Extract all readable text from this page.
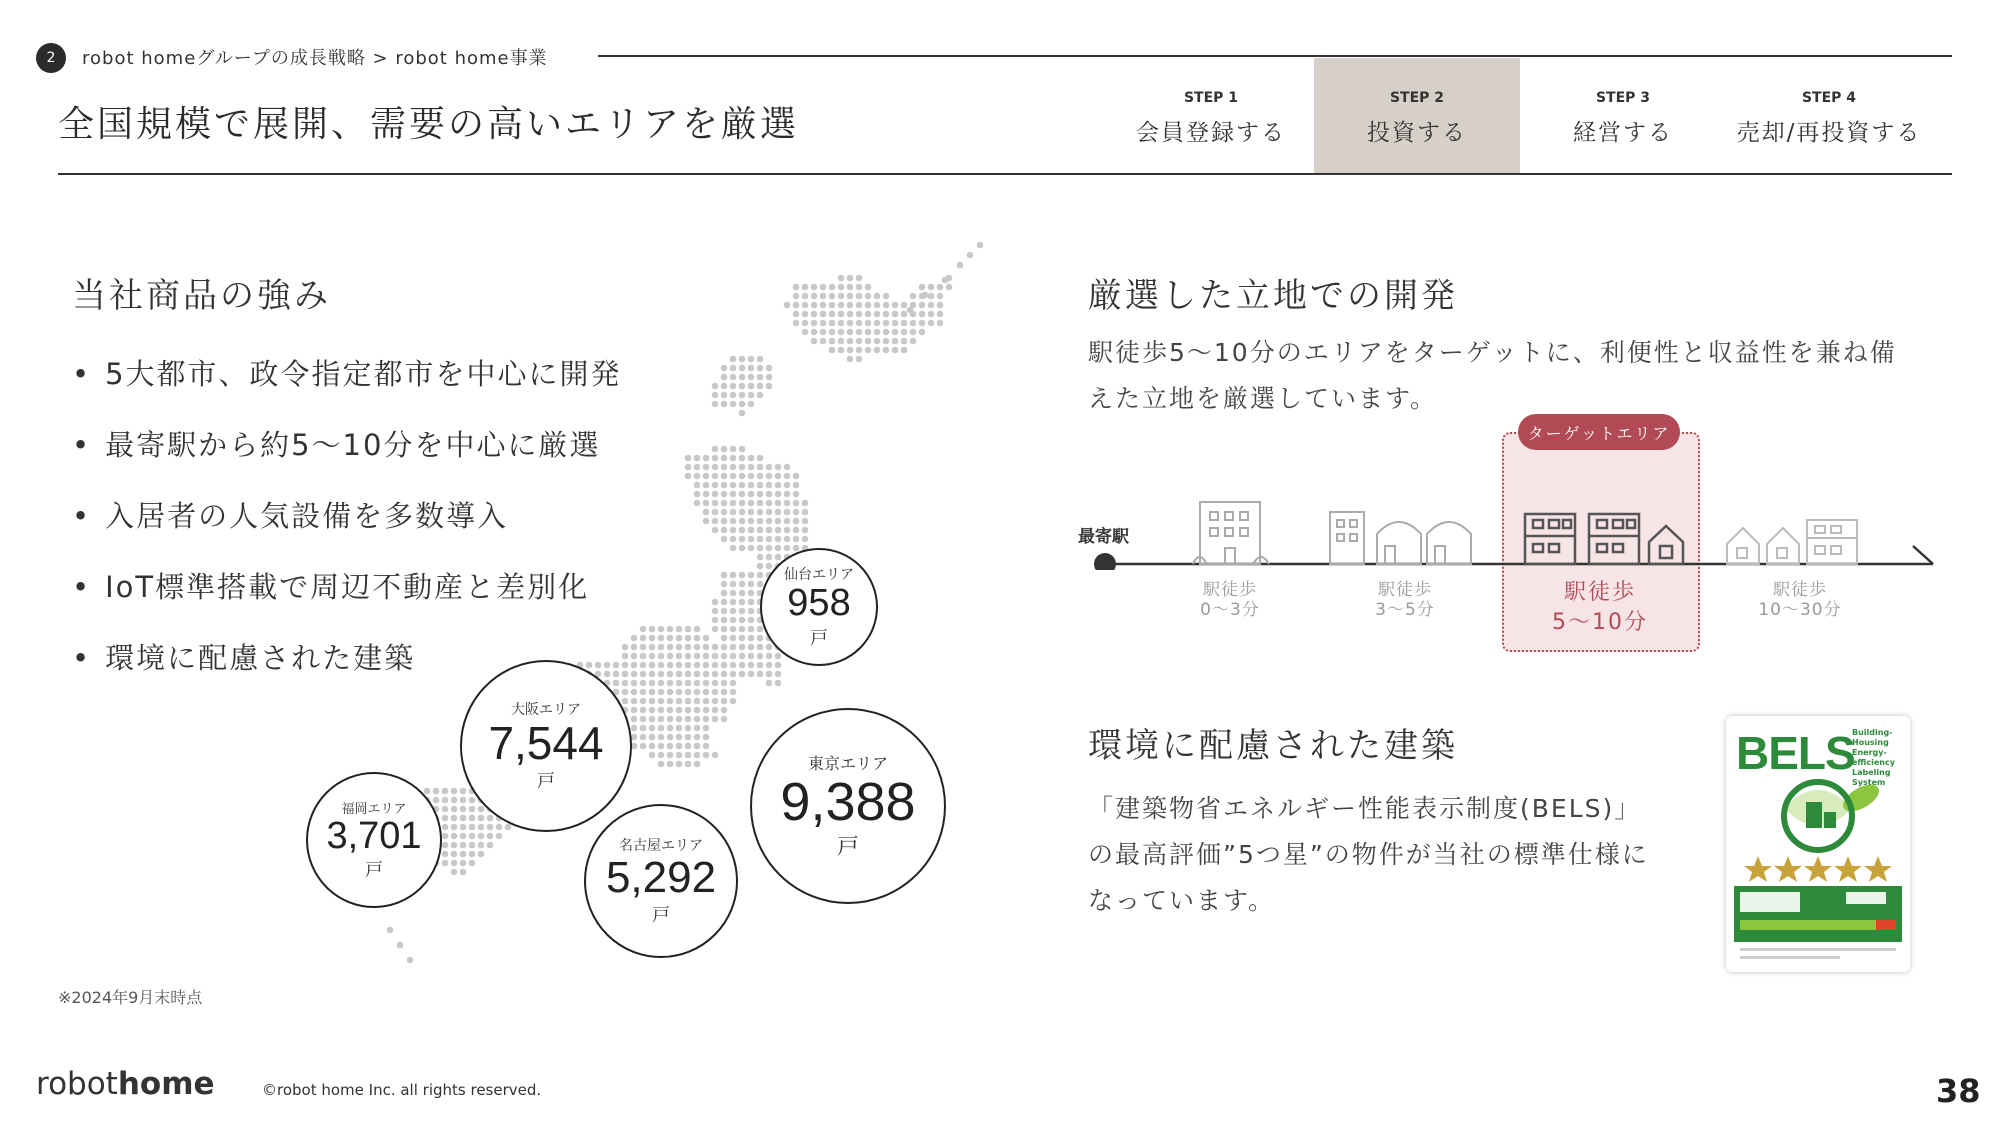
2 robot homeグループの成長戦略 > robot home事業
全国規模で展開、需要の高いエリアを厳選
STEP 1
会員登録する
STEP 2
投資する
STEP 3
経営する
STEP 4
売却/再投資する
当社商品の強み
• 5大都市、政令指定都市を中心に開発
• 最寄駅から約5〜10分を中心に厳選
• 入居者の人気設備を多数導入
• IoT標準搭載で周辺不動産と差別化
• 環境に配慮された建築
仙台エリア
958
戸
大阪エリア
7,544
戸
東京エリア
9,388
戸
福岡エリア
3,701
戸
名古屋エリア
5,292
戸
※2024年9月末時点
厳選した立地での開発
駅徒歩5〜10分のエリアをターゲットに、利便性と収益性を兼ね備
えた立地を厳選しています。
ターゲットエリア
最寄駅
駅徒歩
0〜3分
駅徒歩
3〜5分
駅徒歩
5〜10分
駅徒歩
10〜30分
環境に配慮された建築
「建築物省エネルギー性能表示制度(BELS)」
の最高評価”5つ星”の物件が当社の標準仕様に
なっています。
BELS
Building-Housing
Energy-efficiency
Labeling
System
robothome	©robot home Inc. all rights reserved.	38
